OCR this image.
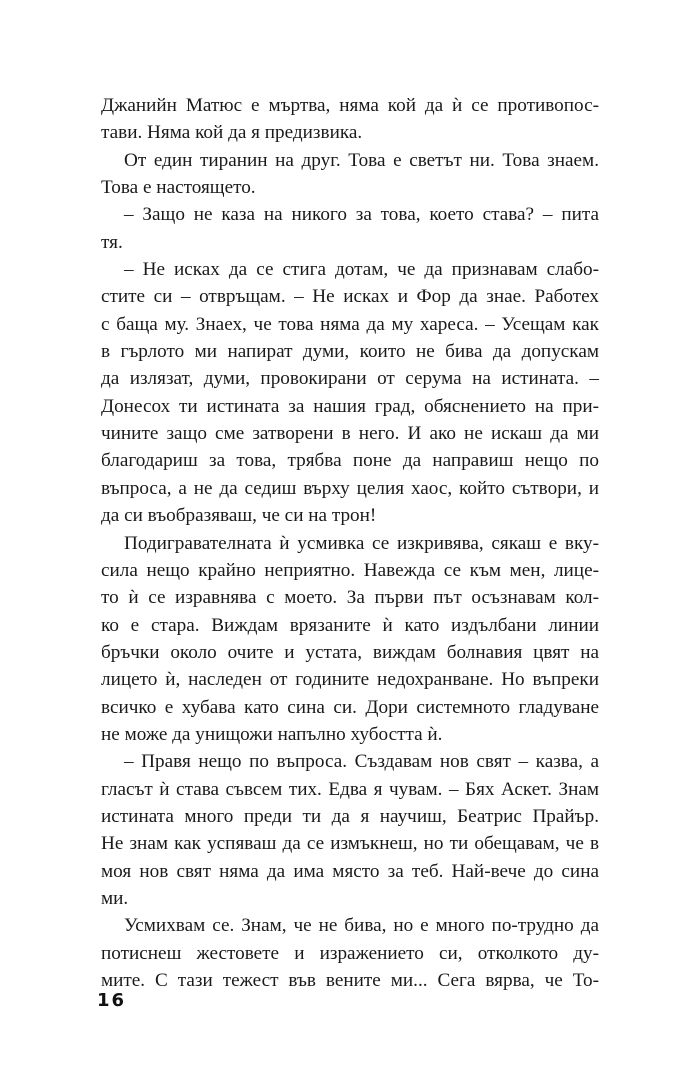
Джанийн Матюс е мъртва, няма кой да ѝ се противопос-
тави. Няма кой да я предизвика.
От един тиранин на друг. Това е светът ни. Това знаем.
Това е настоящето.
– Защо не каза на никого за това, което става? – пита
тя.
– Не исках да се стига дотам, че да признавам слабо-
стите си – отвръщам. – Не исках и Фор да знае. Работех
с баща му. Знаех, че това няма да му хареса. – Усещам как
в гърлото ми напират думи, които не бива да допускам
да излязат, думи, провокирани от серума на истината. –
Донесох ти истината за нашия град, обяснението на при-
чините защо сме затворени в него. И ако не искаш да ми
благодариш за това, трябва поне да направиш нещо по
въпроса, а не да седиш върху целия хаос, който сътвори, и
да си въобразяваш, че си на трон!
Подигравателната ѝ усмивка се изкривява, сякаш е вку-
сила нещо крайно неприятно. Навежда се към мен, лице-
то ѝ се изравнява с моето. За първи път осъзнавам кол-
ко е стара. Виждам врязаните ѝ като издълбани линии
бръчки около очите и устата, виждам болнавия цвят на
лицето ѝ, наследен от годините недохранване. Но въпреки
всичко е хубава като сина си. Дори системното гладуване
не може да унищожи напълно хубостта ѝ.
– Правя нещо по въпроса. Създавам нов свят – казва, а
гласът ѝ става съвсем тих. Едва я чувам. – Бях Аскет. Знам
истината много преди ти да я научиш, Беатрис Прайър.
Не знам как успяваш да се измъкнеш, но ти обещавам, че в
моя нов свят няма да има място за теб. Най-вече до сина
ми.
Усмихвам се. Знам, че не бива, но е много по-трудно да
потиснеш жестовете и изражението си, отколкото ду-
мите. С тази тежест във вените ми... Сега вярва, че То-
16
